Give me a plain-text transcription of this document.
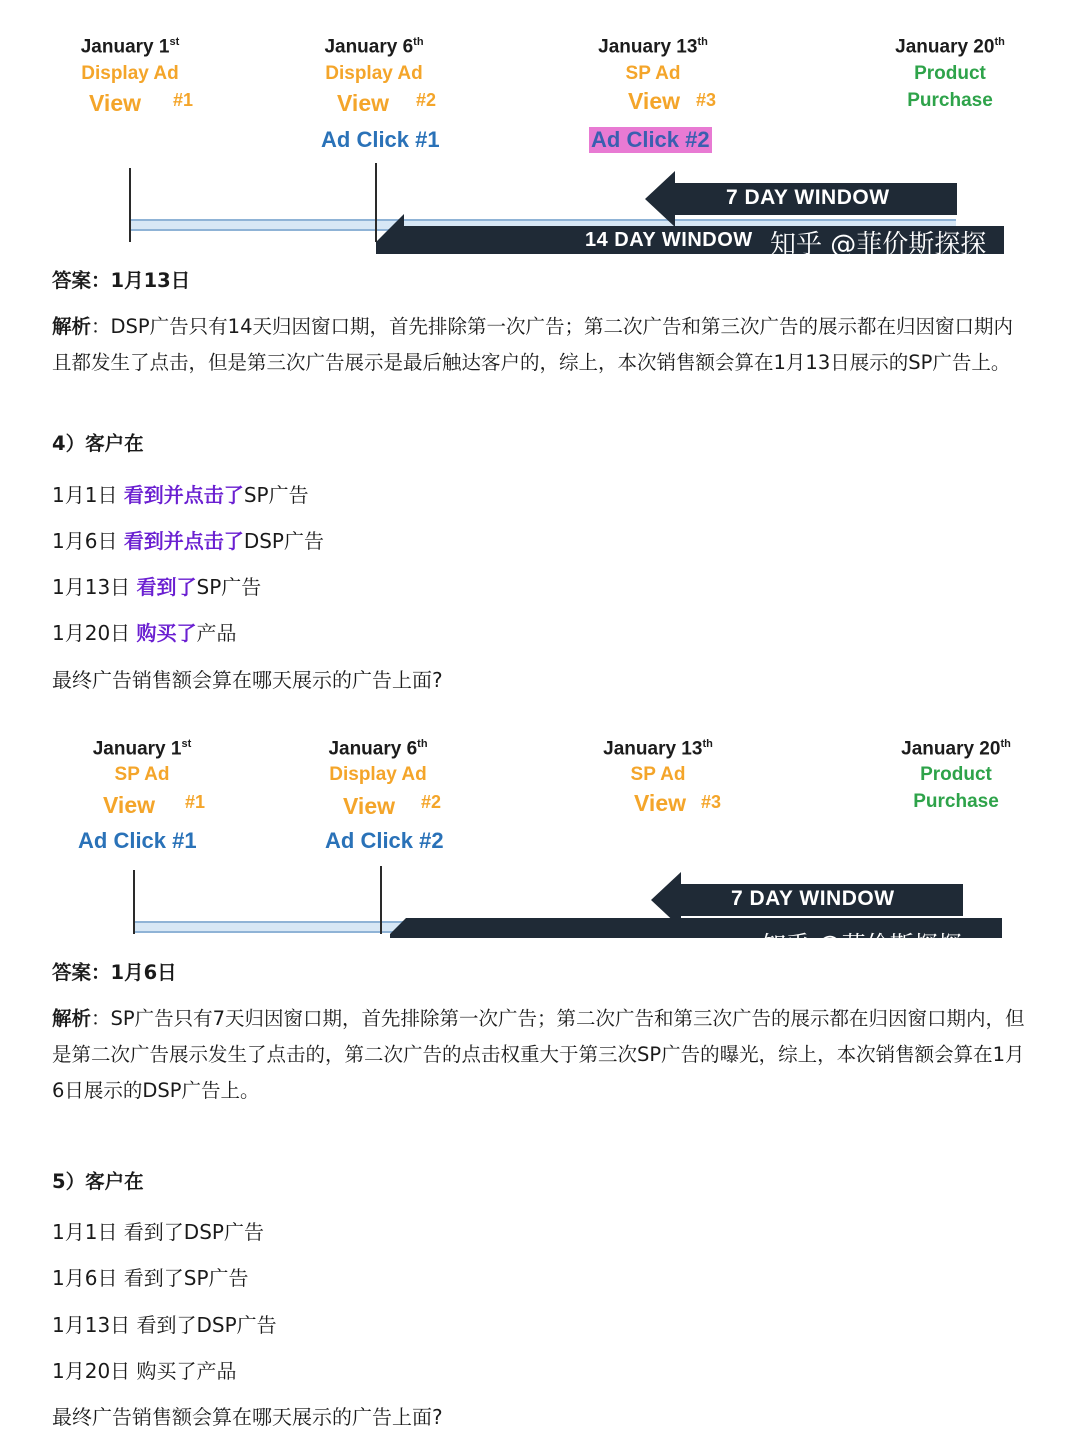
January 1st
Display Ad
View #1
January 6th
Display Ad
View #2
Ad Click #1
January 13th
SP Ad
View #3
Ad Click #2
January 20th
Product
Purchase
7 DAY WINDOW
14 DAY WINDOW 知乎 @菲价斯探探
答案：1月13日
解析：DSP广告只有14天归因窗口期，首先排除第一次广告；第二次广告和第三次广告的展示都在归因窗口期内且都发生了点击，但是第三次广告展示是最后触达客户的，综上，本次销售额会算在1月13日展示的SP广告上。
4）客户在
1月1日 看到并点击了SP广告
1月6日 看到并点击了DSP广告
1月13日 看到了SP广告
1月20日 购买了产品
最终广告销售额会算在哪天展示的广告上面?
January 1st
SP Ad
View #1
Ad Click #1
January 6th
Display Ad
View #2
Ad Click #2
January 13th
SP Ad
View #3
January 20th
Product
Purchase
7 DAY WINDOW
知乎 @菲价斯探探
答案：1月6日
解析：SP广告只有7天归因窗口期，首先排除第一次广告；第二次广告和第三次广告的展示都在归因窗口期内，但是第二次广告展示发生了点击的，第二次广告的点击权重大于第三次SP广告的曝光，综上，本次销售额会算在1月6日展示的DSP广告上。
5）客户在
1月1日 看到了DSP广告
1月6日 看到了SP广告
1月13日 看到了DSP广告
1月20日 购买了产品
最终广告销售额会算在哪天展示的广告上面?
